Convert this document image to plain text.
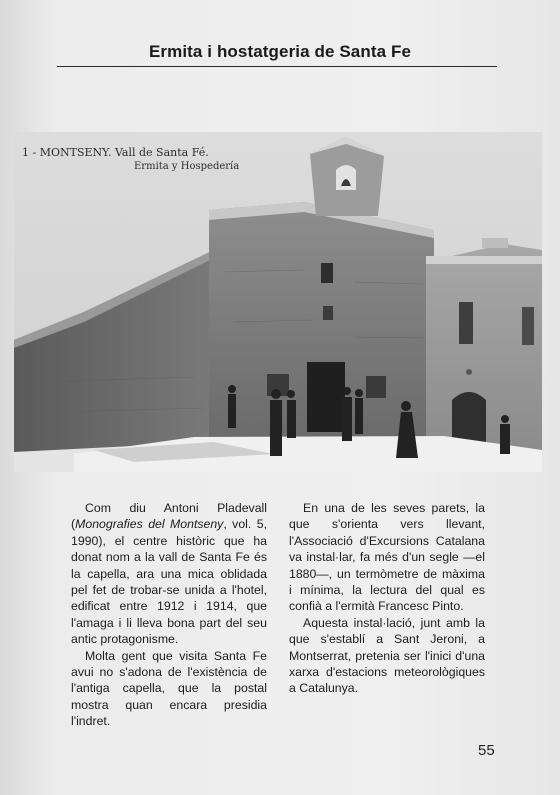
Ermita i hostatgeria de Santa Fe
1 - MONTSENY. Vall de Santa Fé.
Ermita y Hospedería

Com diu Antoni Pladevall (Monografies del Montseny, vol. 5, 1990), el centre històric que ha donat nom a la vall de Santa Fe és la capella, ara una mica oblidada pel fet de trobar-se unida a l'hotel, edificat entre 1912 i 1914, que l'amaga i li lleva bona part del seu antic protagonisme.

Molta gent que visita Santa Fe avui no s'adona de l'existència de l'antiga capella, que la postal mostra quan encara presidia l'indret.

En una de les seves parets, la que s'orienta vers llevant, l'Associació d'Excursions Catalana va instal·lar, fa més d'un segle —el 1880—, un termòmetre de màxima i mínima, la lectura del qual es confià a l'ermità Francesc Pinto.

Aquesta instal·lació, junt amb la que s'establí a Sant Jeroni, a Montserrat, pretenia ser l'inici d'una xarxa d'estacions meteorològiques a Catalunya.

55
